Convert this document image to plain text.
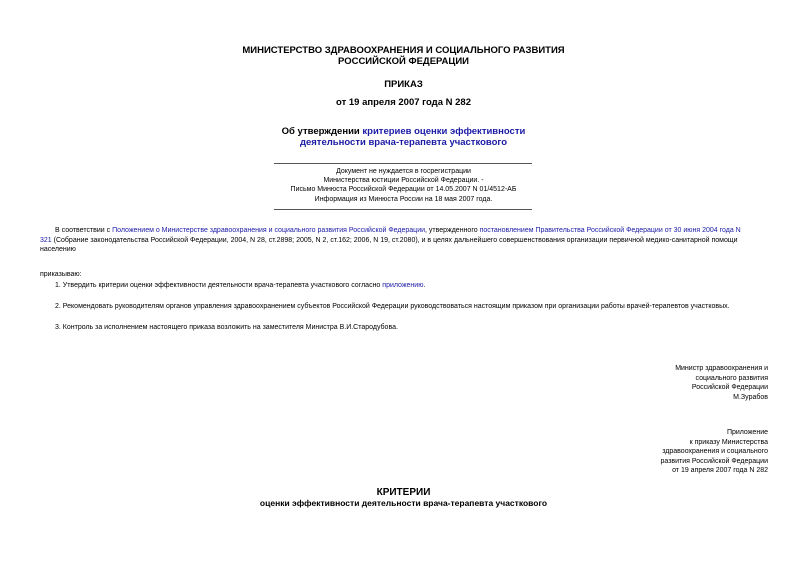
МИНИСТЕРСТВО ЗДРАВООХРАНЕНИЯ И СОЦИАЛЬНОГО РАЗВИТИЯ
РОССИЙСКОЙ ФЕДЕРАЦИИ
ПРИКАЗ
от 19 апреля 2007 года N 282
Об утверждении критериев оценки эффективности
деятельности врача-терапевта участкового
Документ не нуждается в госрегистрации
Министерства юстиции Российской Федерации. -
Письмо Минюста Российской Федерации от 14.05.2007 N 01/4512-АБ
Информация из Минюста России на 18 мая 2007 года.
В соответствии с Положением о Министерстве здравоохранения и социального развития Российской Федерации, утвержденного постановлением Правительства Российской Федерации от 30 июня 2004 года N
321 (Собрание законодательства Российской Федерации, 2004, N 28, ст.2898; 2005, N 2, ст.162; 2006, N 19, ст.2080), и в целях дальнейшего совершенствования организации первичной медико-санитарной помощи
населению
приказываю:
1. Утвердить критерии оценки эффективности деятельности врача-терапевта участкового согласно приложению.
2. Рекомендовать руководителям органов управления здравоохранением субъектов Российской Федерации руководствоваться настоящим приказом при организации работы врачей-терапевтов участковых.
3. Контроль за исполнением настоящего приказа возложить на заместителя Министра В.И.Стародубова.
Министр здравоохранения и
социального развития
Российской Федерации
М.Зурабов
Приложение
к приказу Министерства
здравоохранения и социального
развития Российской Федерации
от 19 апреля 2007 года N 282
КРИТЕРИИ
оценки эффективности деятельности врача-терапевта участкового
